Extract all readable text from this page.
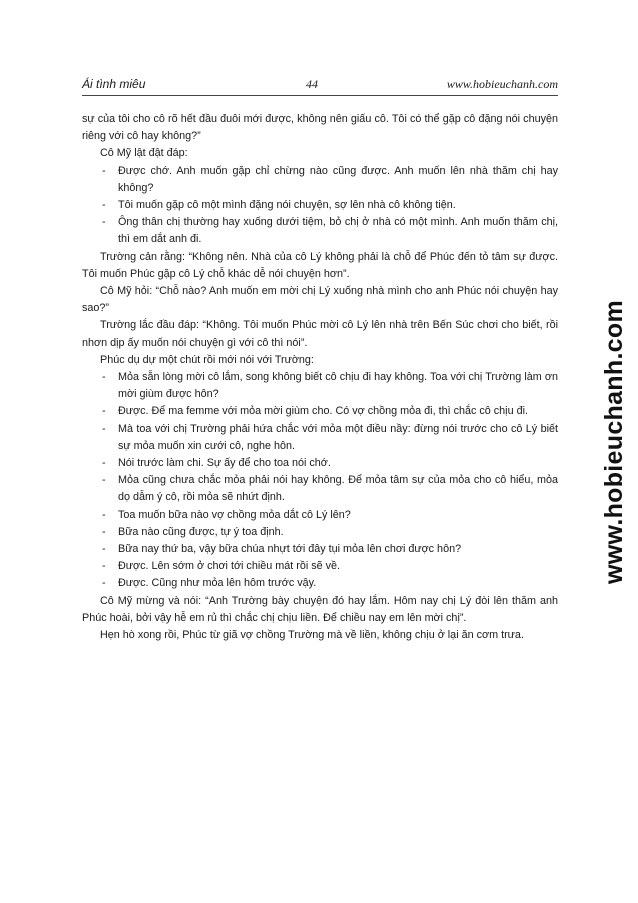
Ái tình miêu	44	www.hobieuchanh.com

sự của tôi cho cô rõ hết đầu đuôi mới được, không nên giấu cô. Tôi có thể gặp cô đặng nói chuyện riêng với cô hay không?”

Cô Mỹ lật đật đáp:

- Được chớ. Anh muốn gặp chỉ chừng nào cũng được. Anh muốn lên nhà thăm chị hay không?

- Tôi muốn gặp cô một mình đặng nói chuyện, sợ lên nhà cô không tiện.

- Ông thân chị thường hay xuống dưới tiệm, bỏ chị ở nhà có một mình. Anh muốn thăm chị, thì em dắt anh đi.

Trường cản rằng: “Không nên. Nhà của cô Lý không phải là chỗ để Phúc đến tỏ tâm sự được. Tôi muốn Phúc gặp cô Lý chỗ khác dễ nói chuyện hơn”.

Cô Mỹ hỏi: “Chỗ nào? Anh muốn em mời chị Lý xuống nhà mình cho anh Phúc nói chuyện hay sao?”

Trường lắc đầu đáp: “Không. Tôi muốn Phúc mời cô Lý lên nhà trên Bến Súc chơi cho biết, rồi nhơn dịp ấy muốn nói chuyện gì với cô thì nói”.

Phúc dụ dự một chút rồi mới nói với Trường:

- Mỏa sẵn lòng mời cô lắm, song không biết cô chịu đi hay không. Toa với chị Trường làm ơn mời giùm được hôn?

- Được. Để ma femme với mỏa mời giùm cho. Có vợ chồng mỏa đi, thì chắc cô chịu đi.

- Mà toa với chị Trường phải hứa chắc với mỏa một điều nầy: đừng nói trước cho cô Lý biết sự mỏa muốn xin cưới cô, nghe hôn.

- Nói trước làm chi. Sự ấy để cho toa nói chớ.

- Mỏa cũng chưa chắc mỏa phải nói hay không. Để mỏa tâm sự của mỏa cho cô hiểu, mỏa dọ dẫm ý cô, rồi mỏa sẽ nhứt định.

- Toa muốn bữa nào vợ chồng mỏa dắt cô Lý lên?

- Bữa nào cũng được, tự ý toa định.

- Bữa nay thứ ba, vậy bữa chúa nhựt tới đây tụi mỏa lên chơi được hôn?

- Được. Lên sớm ở chơi tới chiều mát rồi sẽ về.

- Được. Cũng như mỏa lên hôm trước vậy.

Cô Mỹ mừng và nói: “Anh Trường bày chuyện đó hay lắm. Hôm nay chị Lý đòi lên thăm anh Phúc hoài, bởi vậy hễ em rủ thì chắc chị chịu liền. Để chiều nay em lên mời chị”.

Hẹn hò xong rồi, Phúc từ giã vợ chồng Trường mà về liền, không chịu ở lại ăn cơm trưa.

www.hobieuchanh.com
